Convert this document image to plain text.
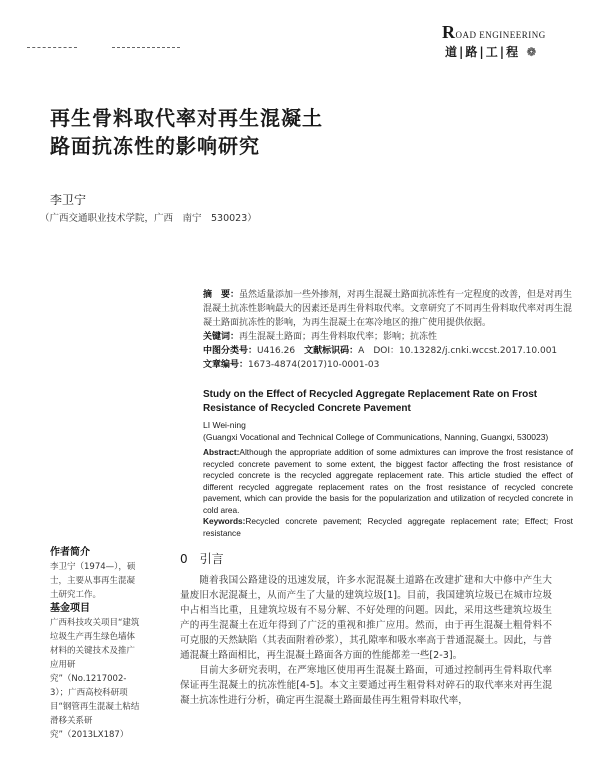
ROAD ENGINEERING
道|路|工|程 ❁
再生骨料取代率对再生混凝土
路面抗冻性的影响研究
李卫宁
（广西交通职业技术学院，广西　南宁　530023）
摘　要：虽然适量添加一些外掺剂，对再生混凝土路面抗冻性有一定程度的改善，但是对再生混凝土抗冻性影响最大的因素还是再生骨料取代率。文章研究了不同再生骨料取代率对再生混凝土路面抗冻性的影响，为再生混凝土在寒冷地区的推广使用提供依据。
关键词：再生混凝土路面；再生骨料取代率；影响；抗冻性
中图分类号：U416.26　 文献标识码：A　 DOI：10.13282/j.cnki.wccst.2017.10.001
文章编号：1673-4874(2017)10-0001-03
Study on the Effect of Recycled Aggregate Replacement Rate on Frost Resistance of Recycled Concrete Pavement
LI Wei-ning
(Guangxi Vocational and Technical College of Communications, Nanning, Guangxi, 530023)
Abstract:Although the appropriate addition of some admixtures can improve the frost resistance of recycled concrete pavement to some extent, the biggest factor affecting the frost resistance of recycled concrete is the recycled aggregate replacement rate. This article studied the effect of different recycled aggregate replacement rates on the frost resistance of recycled concrete pavement, which can provide the basis for the popularization and utilization of recycled concrete in cold area.
Keywords:Recycled concrete pavement; Recycled aggregate replacement rate; Effect; Frost resistance
0　 引言

随着我国公路建设的迅速发展，许多水泥混凝土道路在改建扩建和大中修中产生大量废旧水泥混凝土，从而产生了大量的建筑垃圾[1]。目前，我国建筑垃圾已在城市垃圾中占相当比重，且建筑垃圾有不易分解、不好处理的问题。因此，采用这些建筑垃圾生产的再生混凝土在近年得到了广泛的重视和推广应用。然而，由于再生混凝土粗骨料不可克服的天然缺陷（其表面附着砂浆），其孔隙率和吸水率高于普通混凝土。因此，与普通混凝土路面相比，再生混凝土路面各方面的性能都差一些[2-3]。

目前大多研究表明，在严寒地区使用再生混凝土路面，可通过控制再生骨料取代率保证再生混凝土的抗冻性能[4-5]。本文主要通过再生粗骨料对碎石的取代率来对再生混凝土抗冻性进行分析，确定再生混凝土路面最佳再生粗骨料取代率，

作者简介
李卫宁（1974—），硕士，主要从事再生混凝土研究工作。
基金项目
广西科技攻关项目“建筑垃圾生产再生绿色墙体材料的关键技术及推广应用研究”（No.1217002-3）；广西高校科研项目“钢管再生混凝土粘结滑移关系研究”（2013LX187）
